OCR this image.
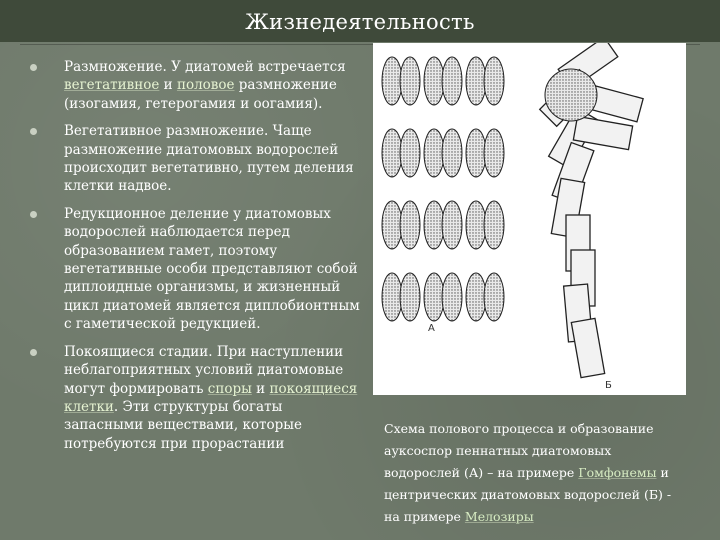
Жизнедеятельность
Размножение. У диатомей встречается вегетативное и половое размножение (изогамия, гетерогамия и оогамия).
Вегетативное размножение. Чаще размножение диатомовых водорослей происходит вегетативно, путем деления клетки надвое.
Редукционное деление у диатомовых водорослей наблюдается перед образованием гамет, поэтому вегетативные особи представляют собой диплоидные организмы, и жизненный цикл диатомей является диплобионтным с гаметической редукцией.
Покоящиеся стадии. При наступлении неблагоприятных условий диатомовые могут формировать споры и покоящиеся клетки. Эти структуры богаты запасными веществами, которые потребуются при прорастании
А
Б
Схема полового процесса и образование ауксоспор пеннатных диатомовых водорослей (А) – на примере Гомфонемы и центрических диатомовых водорослей (Б) - на примере Мелозиры
